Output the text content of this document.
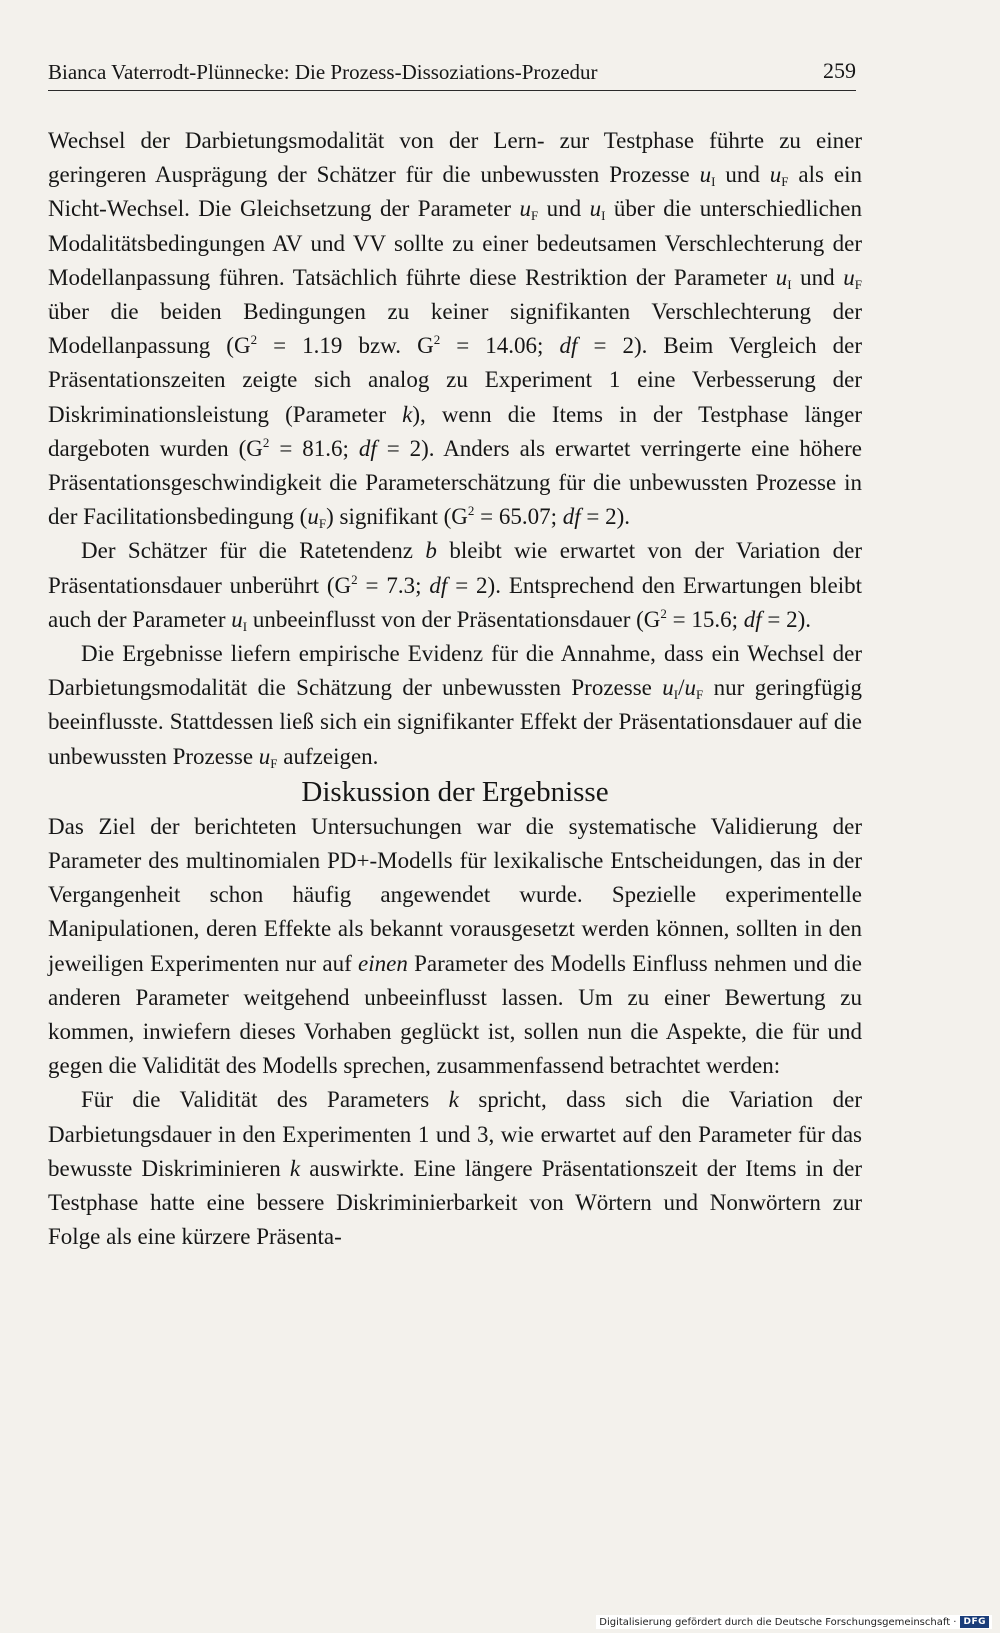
Bianca Vaterrodt-Plünnecke: Die Prozess-Dissoziations-Prozedur	259

Wechsel der Darbietungsmodalität von der Lern- zur Testphase führte zu einer geringeren Ausprägung der Schätzer für die unbewussten Prozesse $u_I$ und $u_F$ als ein Nicht-Wechsel. Die Gleichsetzung der Parameter $u_F$ und $u_I$ über die unterschiedlichen Modalitätsbedingungen AV und VV sollte zu einer bedeutsamen Verschlechterung der Modellanpassung führen. Tatsächlich führte diese Restriktion der Parameter $u_I$ und $u_F$ über die beiden Bedingungen zu keiner signifikanten Verschlechterung der Modellanpassung ($G^2 = 1.19$ bzw. $G^2 = 14.06$; df = 2). Beim Vergleich der Präsentationszeiten zeigte sich analog zu Experiment 1 eine Verbesserung der Diskriminationsleistung (Parameter k), wenn die Items in der Testphase länger dargeboten wurden ($G^2 = 81.6$; df = 2). Anders als erwartet verringerte eine höhere Präsentationsgeschwindigkeit die Parameterschätzung für die unbewussten Prozesse in der Facilitationsbedingung $(u_F)$ signifikant ($G^2 = 65.07$; df = 2).

Der Schätzer für die Ratetendenz b bleibt wie erwartet von der Variation der Präsentationsdauer unberührt ($G^2 = 7.3$; df = 2). Entsprechend den Erwartungen bleibt auch der Parameter $u_I$ unbeeinflusst von der Präsentationsdauer ($G^2 = 15.6$; df = 2).

Die Ergebnisse liefern empirische Evidenz für die Annahme, dass ein Wechsel der Darbietungsmodalität die Schätzung der unbewussten Prozesse $u_I/u_F$ nur geringfügig beeinflusste. Stattdessen ließ sich ein signifikanter Effekt der Präsentationsdauer auf die unbewussten Prozesse $u_F$ aufzeigen.

Diskussion der Ergebnisse

Das Ziel der berichteten Untersuchungen war die systematische Validierung der Parameter des multinomialen PD+-Modells für lexikalische Entscheidungen, das in der Vergangenheit schon häufig angewendet wurde. Spezielle experimentelle Manipulationen, deren Effekte als bekannt vorausgesetzt werden können, sollten in den jeweiligen Experimenten nur auf einen Parameter des Modells Einfluss nehmen und die anderen Parameter weitgehend unbeeinflusst lassen. Um zu einer Bewertung zu kommen, inwiefern dieses Vorhaben geglückt ist, sollen nun die Aspekte, die für und gegen die Validität des Modells sprechen, zusammenfassend betrachtet werden:

Für die Validität des Parameters k spricht, dass sich die Variation der Darbietungsdauer in den Experimenten 1 und 3, wie erwartet auf den Parameter für das bewusste Diskriminieren k auswirkte. Eine längere Präsentationszeit der Items in der Testphase hatte eine bessere Diskriminierbarkeit von Wörtern und Nonwörtern zur Folge als eine kürzere Präsenta-

Digitalisierung gefördert durch die Deutsche Forschungsgemeinschaft · DFG
